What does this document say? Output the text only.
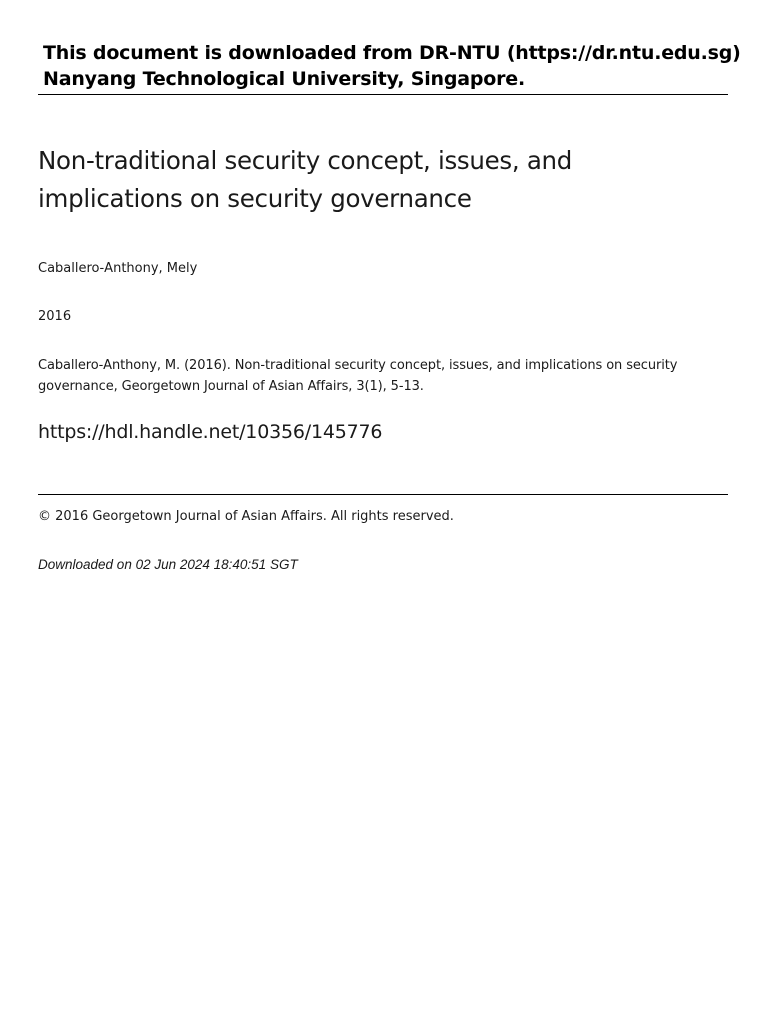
This document is downloaded from DR‑NTU (https://dr.ntu.edu.sg)
Nanyang Technological University, Singapore.
Non‑traditional security concept, issues, and implications on security governance
Caballero‑Anthony, Mely
2016
Caballero‑Anthony, M. (2016). Non‑traditional security concept, issues, and implications on security governance, Georgetown Journal of Asian Affairs, 3(1), 5‑13.
https://hdl.handle.net/10356/145776
© 2016 Georgetown Journal of Asian Affairs. All rights reserved.
Downloaded on 02 Jun 2024 18:40:51 SGT
